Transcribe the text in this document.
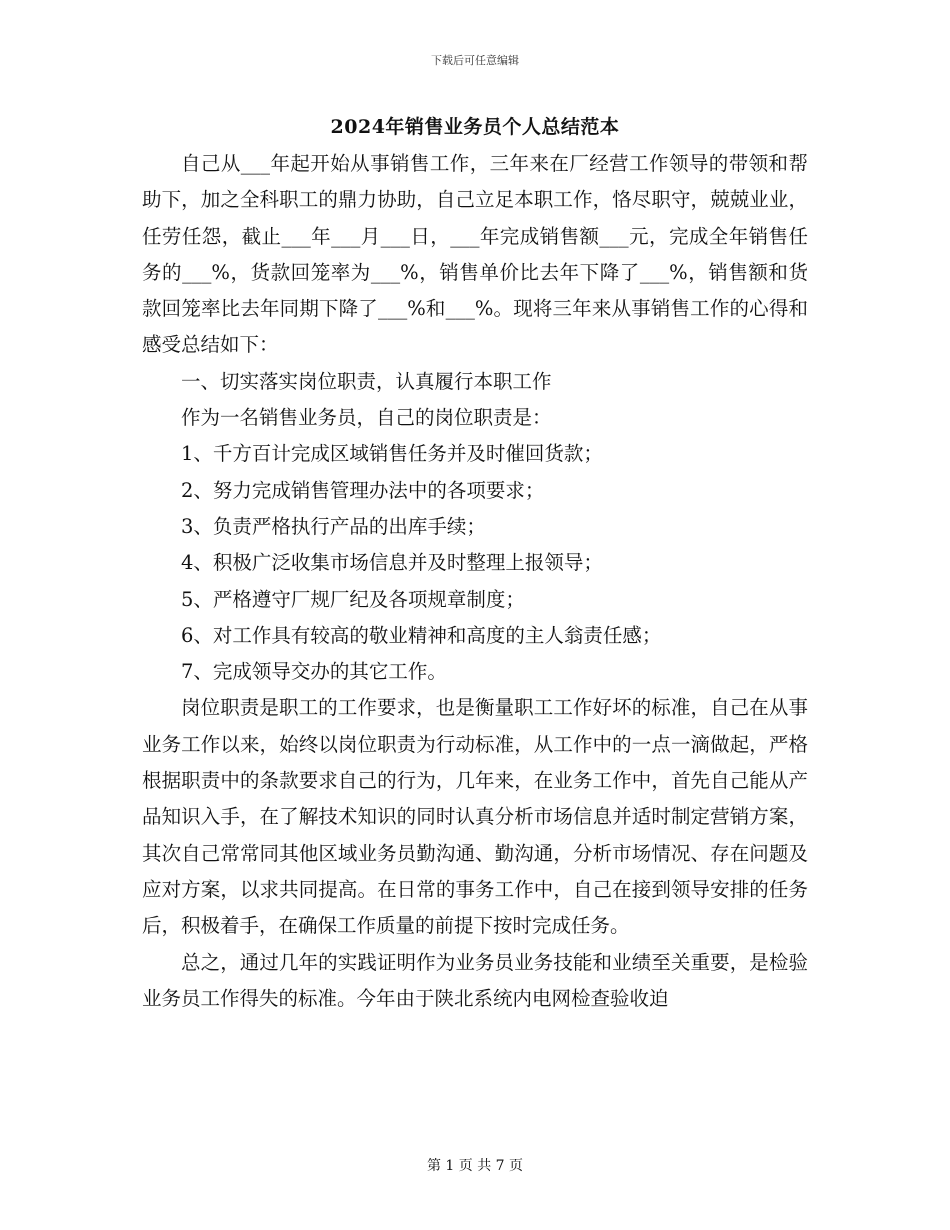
下载后可任意编辑
2024年销售业务员个人总结范本

自己从___年起开始从事销售工作，三年来在厂经营工作领导的带领和帮助下，加之全科职工的鼎力协助，自己立足本职工作，恪尽职守，兢兢业业，任劳任怨，截止___年___月___日，___年完成销售额___元，完成全年销售任务的___%，货款回笼率为___%，销售单价比去年下降了___%，销售额和货款回笼率比去年同期下降了___%和___%。现将三年来从事销售工作的心得和感受总结如下：

一、切实落实岗位职责，认真履行本职工作

作为一名销售业务员，自己的岗位职责是：

1、千方百计完成区域销售任务并及时催回货款；

2、努力完成销售管理办法中的各项要求；

3、负责严格执行产品的出库手续；

4、积极广泛收集市场信息并及时整理上报领导；

5、严格遵守厂规厂纪及各项规章制度；

6、对工作具有较高的敬业精神和高度的主人翁责任感；

7、完成领导交办的其它工作。

岗位职责是职工的工作要求，也是衡量职工工作好坏的标准，自己在从事业务工作以来，始终以岗位职责为行动标准，从工作中的一点一滴做起，严格根据职责中的条款要求自己的行为，几年来，在业务工作中，首先自己能从产品知识入手，在了解技术知识的同时认真分析市场信息并适时制定营销方案，其次自己常常同其他区域业务员勤沟通、勤沟通，分析市场情况、存在问题及应对方案，以求共同提高。在日常的事务工作中，自己在接到领导安排的任务后，积极着手，在确保工作质量的前提下按时完成任务。

总之，通过几年的实践证明作为业务员业务技能和业绩至关重要，是检验业务员工作得失的标准。今年由于陕北系统内电网检查验收迫

第 1 页 共 7 页
